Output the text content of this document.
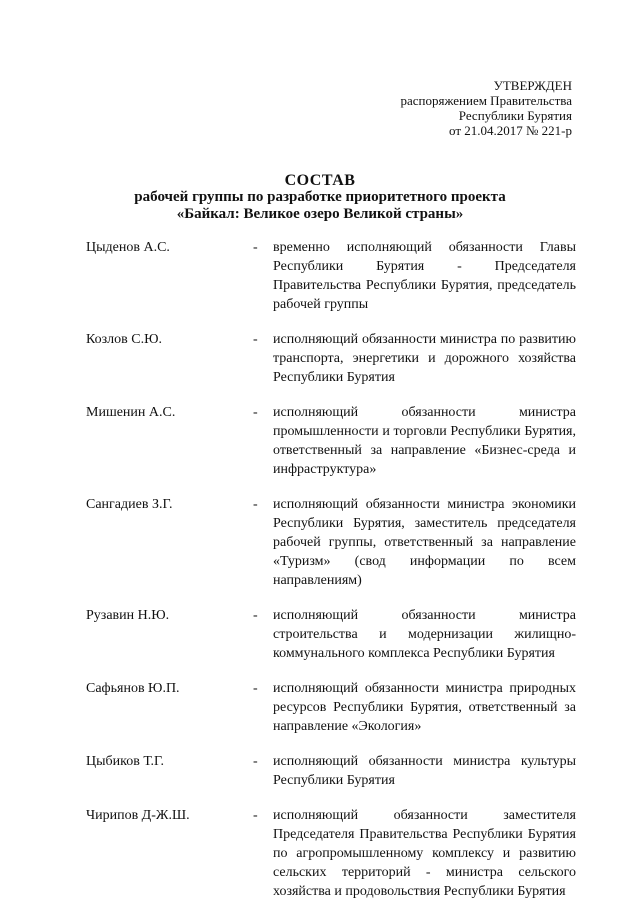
УТВЕРЖДЕН
распоряжением Правительства
Республики Бурятия
от 21.04.2017 № 221-р
СОСТАВ
рабочей группы по разработке приоритетного проекта
«Байкал: Великое озеро Великой страны»
Цыденов А.С.	-	временно исполняющий обязанности Главы Республики Бурятия - Председателя Правительства Республики Бурятия, председатель рабочей группы
Козлов С.Ю.	-	исполняющий обязанности министра по развитию транспорта, энергетики и дорожного хозяйства Республики Бурятия
Мишенин А.С.	-	исполняющий обязанности министра промышленности и торговли Республики Бурятия, ответственный за направление «Бизнес-среда и инфраструктура»
Сангадиев З.Г.	-	исполняющий обязанности министра экономики Республики Бурятия, заместитель председателя рабочей группы, ответственный за направление «Туризм» (свод информации по всем направлениям)
Рузавин Н.Ю.	-	исполняющий обязанности министра строительства и модернизации жилищно-коммунального комплекса Республики Бурятия
Сафьянов Ю.П.	-	исполняющий обязанности министра природных ресурсов Республики Бурятия, ответственный за направление «Экология»
Цыбиков Т.Г.	-	исполняющий обязанности министра культуры Республики Бурятия
Чирипов Д-Ж.Ш.	-	исполняющий обязанности заместителя Председателя Правительства Республики Бурятия по агропромышленному комплексу и развитию сельских территорий - министра сельского хозяйства и продовольствия Республики Бурятия
